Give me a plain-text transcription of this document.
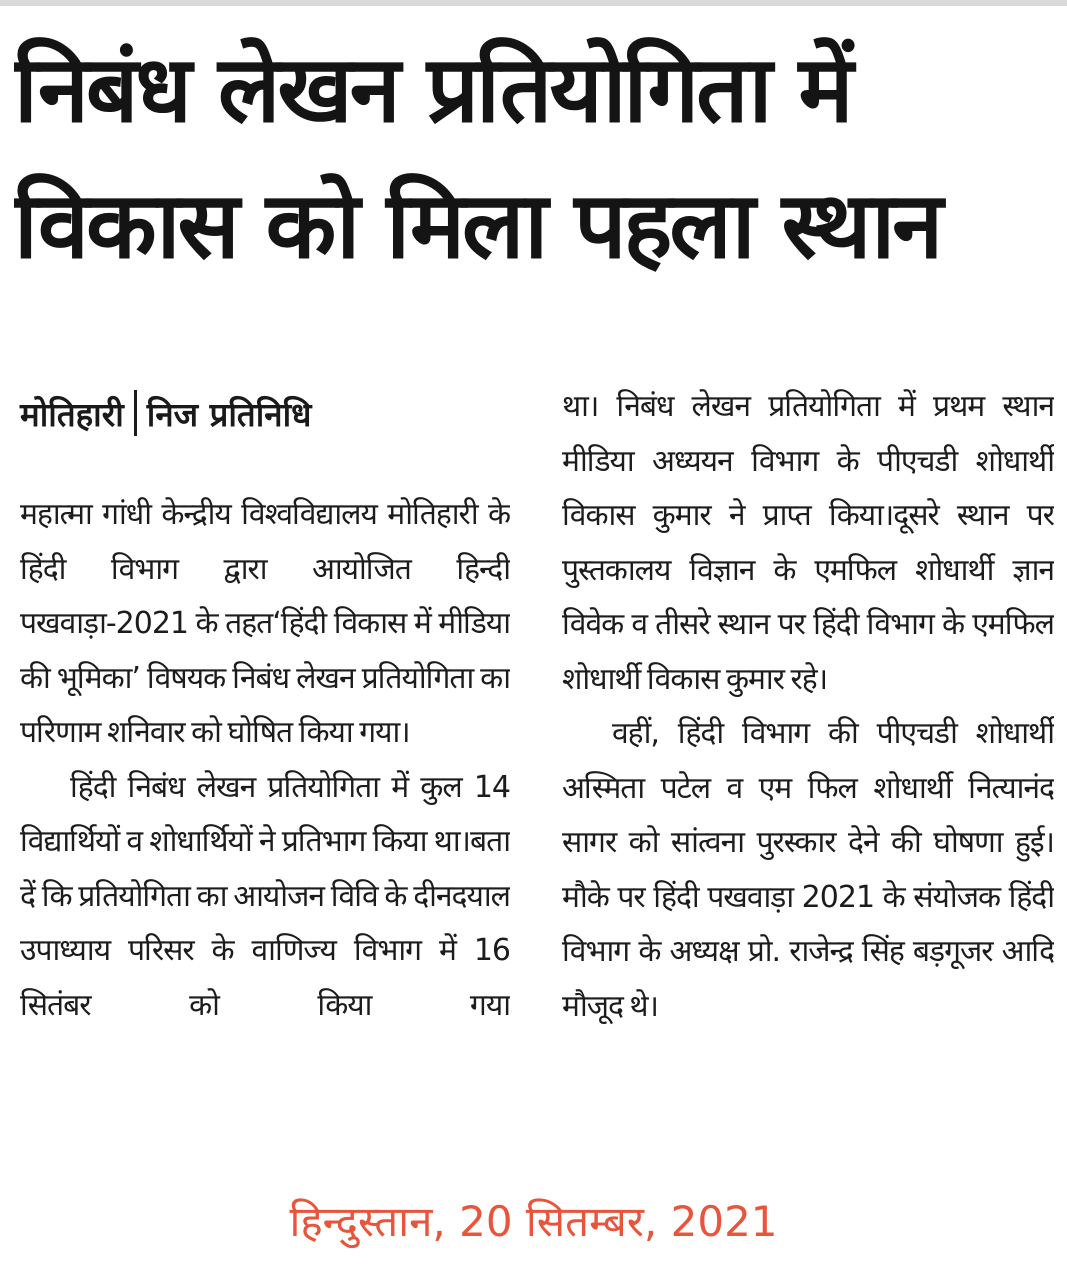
निबंध लेखन प्रतियोगिता में
विकास को मिला पहला स्थान
मोतिहारी निज प्रतिनिधि

महात्मा गांधी केन्द्रीय विश्वविद्यालय मोतिहारी के हिंदी विभाग द्वारा आयोजित हिन्दी पखवाड़ा-2021 के तहत‘हिंदी विकास में मीडिया की भूमिका’ विषयक निबंध लेखन प्रतियोगिता का परिणाम शनिवार को घोषित किया गया।

हिंदी निबंध लेखन प्रतियोगिता में कुल 14 विद्यार्थियों व शोधार्थियों ने प्रतिभाग किया था।बता दें कि प्रतियोगिता का आयोजन विवि के दीनदयाल उपाध्याय परिसर के वाणिज्य विभाग में 16 सितंबर को किया गया

था। निबंध लेखन प्रतियोगिता में प्रथम स्थान मीडिया अध्ययन विभाग के पीएचडी शोधार्थी विकास कुमार ने प्राप्त किया।दूसरे स्थान पर पुस्तकालय विज्ञान के एमफिल शोधार्थी ज्ञान विवेक व तीसरे स्थान पर हिंदी विभाग के एमफिल शोधार्थी विकास कुमार रहे।

वहीं, हिंदी विभाग की पीएचडी शोधार्थी अस्मिता पटेल व एम फिल शोधार्थी नित्यानंद सागर को सांत्वना पुरस्कार देने की घोषणा हुई। मौके पर हिंदी पखवाड़ा 2021 के संयोजक हिंदी विभाग के अध्यक्ष प्रो. राजेन्द्र सिंह बड़गूजर आदि मौजूद थे।

हिन्दुस्तान, 20 सितम्बर, 2021
